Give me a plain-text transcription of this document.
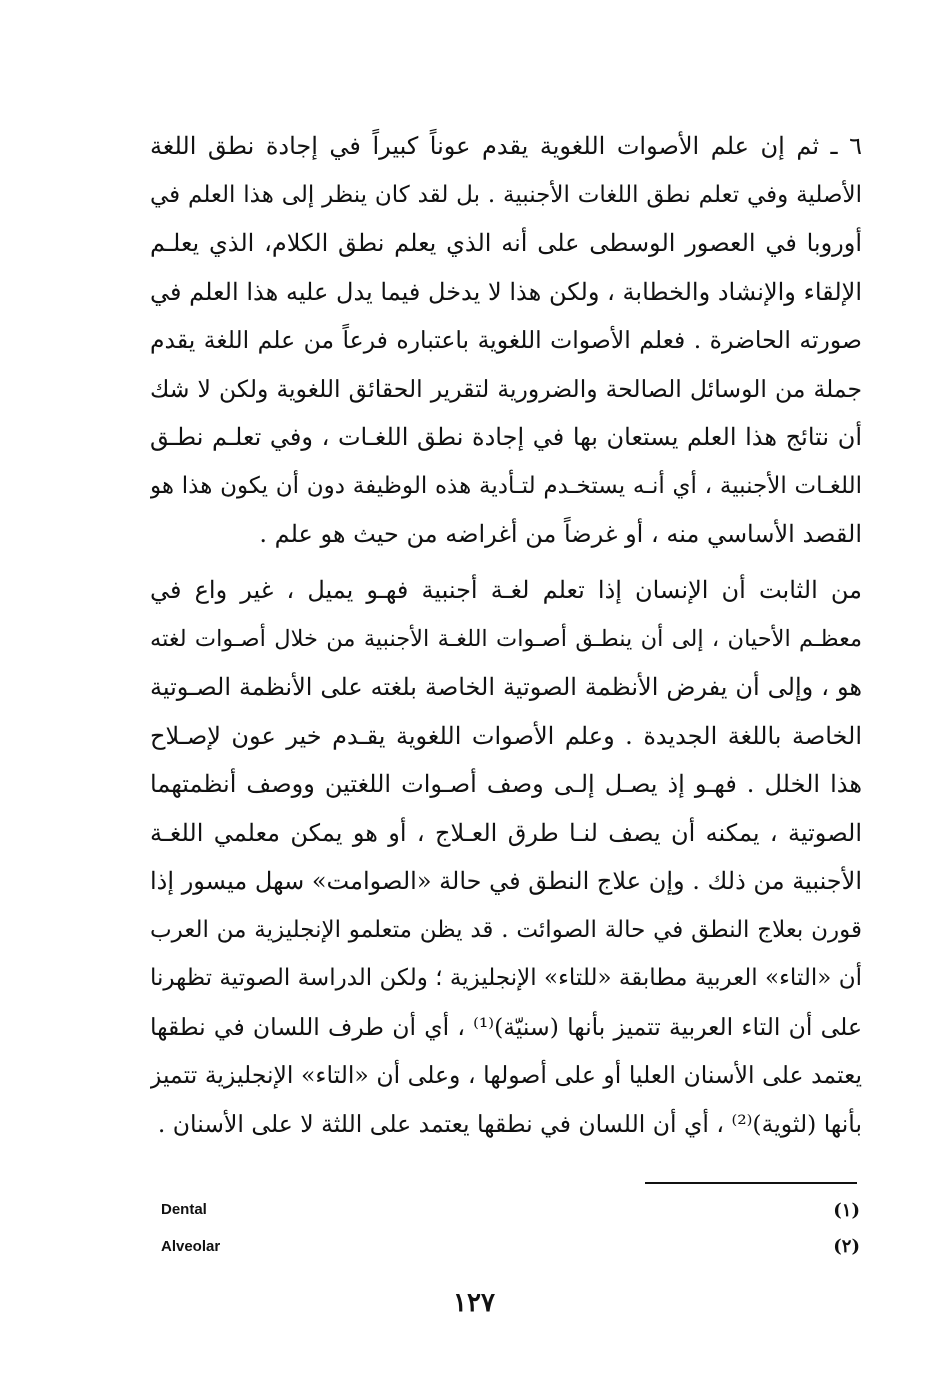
٦ ـ ثم إن علم الأصوات اللغوية يقدم عوناً كبيراً في إجادة نطق اللغة
الأصلية وفي تعلم نطق اللغات الأجنبية . بل لقد كان ينظر إلى هذا العلم في
أوروبا في العصور الوسطى على أنه الذي يعلم نطق الكلام، الذي يعلـم
الإلقاء والإنشاد والخطابة ، ولكن هذا لا يدخل فيما يدل عليه هذا العلم في
صورته الحاضرة . فعلم الأصوات اللغوية باعتباره فرعاً من علم اللغة يقدم
جملة من الوسائل الصالحة والضرورية لتقرير الحقائق اللغوية ولكن لا شك
أن نتائج هذا العلم يستعان بها في إجادة نطق اللغـات ، وفي تعلـم نطـق
اللغـات الأجنبية ، أي أنـه يستخـدم لتـأدية هذه الوظيفة دون أن يكون هذا هو
القصد الأساسي منه ، أو غرضاً من أغراضه من حيث هو علم .
من الثابت أن الإنسان إذا تعلم لغـة أجنبية فهـو يميل ، غير واع في
معظـم الأحيان ، إلى أن ينطـق أصـوات اللغـة الأجنبية من خلال أصـوات لغته
هو ، وإلى أن يفرض الأنظمة الصوتية الخاصة بلغته على الأنظمة الصـوتية
الخاصة باللغة الجديدة . وعلم الأصوات اللغوية يقـدم خير عون لإصـلاح
هذا الخلل . فهـو إذ يصـل إلـى وصف أصـوات اللغتين ووصف أنظمتهما
الصوتية ، يمكنه أن يصف لنـا طرق العـلاج ، أو هو يمكن معلمي اللغـة
الأجنبية من ذلك . وإن علاج النطق في حالة «الصوامت» سهل ميسور إذا
قورن بعلاج النطق في حالة الصوائت . قد يظن متعلمو الإنجليزية من العرب
أن «التاء» العربية مطابقة «للتاء» الإنجليزية ؛ ولكن الدراسة الصوتية تظهرنا
على أن التاء العربية تتميز بأنها (سنيّة)⁽¹⁾ ، أي أن طرف اللسان في نطقها
يعتمد على الأسنان العليا أو على أصولها ، وعلى أن «التاء» الإنجليزية تتميز
بأنها (لثوية)⁽²⁾ ، أي أن اللسان في نطقها يعتمد على اللثة لا على الأسنان .
(١)
Dental
(٢)
Alveolar
١٢٧
